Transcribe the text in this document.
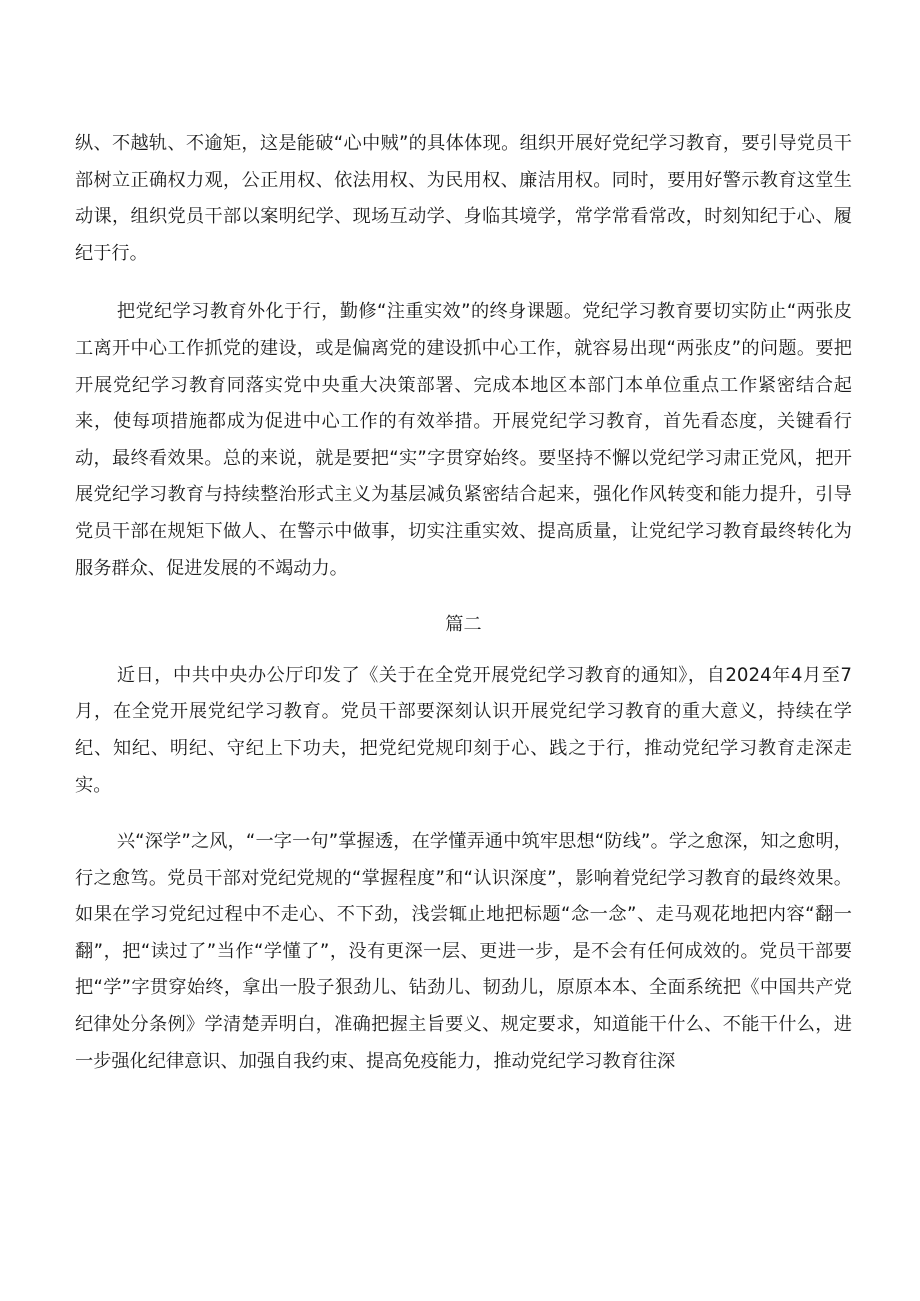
纵、不越轨、不逾矩，这是能破“心中贼”的具体体现。组织开展好党纪学习教育，要引导党员干部树立正确权力观，公正用权、依法用权、为民用权、廉洁用权。同时，要用好警示教育这堂生动课，组织党员干部以案明纪学、现场互动学、身临其境学，常学常看常改，时刻知纪于心、履纪于行。

把党纪学习教育外化于行，勤修“注重实效”的终身课题。党纪学习教育要切实防止“两张皮工离开中心工作抓党的建设，或是偏离党的建设抓中心工作，就容易出现“两张皮”的问题。要把开展党纪学习教育同落实党中央重大决策部署、完成本地区本部门本单位重点工作紧密结合起来，使每项措施都成为促进中心工作的有效举措。开展党纪学习教育，首先看态度，关键看行动，最终看效果。总的来说，就是要把“实”字贯穿始终。要坚持不懈以党纪学习肃正党风，把开展党纪学习教育与持续整治形式主义为基层减负紧密结合起来，强化作风转变和能力提升，引导党员干部在规矩下做人、在警示中做事，切实注重实效、提高质量，让党纪学习教育最终转化为服务群众、促进发展的不竭动力。

篇二

近日，中共中央办公厅印发了《关于在全党开展党纪学习教育的通知》，自2024年4月至7月，在全党开展党纪学习教育。党员干部要深刻认识开展党纪学习教育的重大意义，持续在学纪、知纪、明纪、守纪上下功夫，把党纪党规印刻于心、践之于行，推动党纪学习教育走深走实。

兴“深学”之风，“一字一句”掌握透，在学懂弄通中筑牢思想“防线”。学之愈深，知之愈明，行之愈笃。党员干部对党纪党规的“掌握程度”和“认识深度”，影响着党纪学习教育的最终效果。如果在学习党纪过程中不走心、不下劲，浅尝辄止地把标题“念一念”、走马观花地把内容“翻一翻”，把“读过了”当作“学懂了”，没有更深一层、更进一步，是不会有任何成效的。党员干部要把“学”字贯穿始终，拿出一股子狠劲儿、钻劲儿、韧劲儿，原原本本、全面系统把《中国共产党纪律处分条例》学清楚弄明白，准确把握主旨要义、规定要求，知道能干什么、不能干什么，进一步强化纪律意识、加强自我约束、提高免疫能力，推动党纪学习教育往深
